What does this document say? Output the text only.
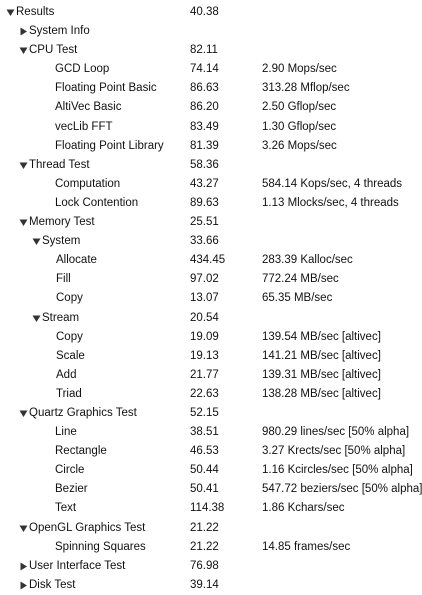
Results	40.38
System Info
CPU Test	82.11
GCD Loop	74.14	2.90 Mops/sec
Floating Point Basic	86.63	313.28 Mflop/sec
AltiVec Basic	86.20	2.50 Gflop/sec
vecLib FFT	83.49	1.30 Gflop/sec
Floating Point Library 81.39	3.26 Mops/sec
Thread Test	58.36
Computation	43.27	584.14 Kops/sec, 4 threads
Lock Contention	89.63	1.13 Mlocks/sec, 4 threads
Memory Test	25.51
System	33.66
Allocate	434.45	283.39 Kalloc/sec
Fill	97.02	772.24 MB/sec
Copy	13.07	65.35 MB/sec
Stream	20.54
Copy	19.09	139.54 MB/sec [altivec]
Scale	19.13	141.21 MB/sec [altivec]
Add	21.77	139.31 MB/sec [altivec]
Triad	22.63	138.28 MB/sec [altivec]
Quartz Graphics Test	52.15
Line	38.51	980.29 lines/sec [50% alpha]
Rectangle	46.53	3.27 Krects/sec [50% alpha]
Circle	50.44	1.16 Kcircles/sec [50% alpha]
Bezier	50.41	547.72 beziers/sec [50% alpha]
Text	114.38	1.86 Kchars/sec
OpenGL Graphics Test	21.22
Spinning Squares	21.22	14.85 frames/sec
User Interface Test	76.98
Disk Test	39.14
